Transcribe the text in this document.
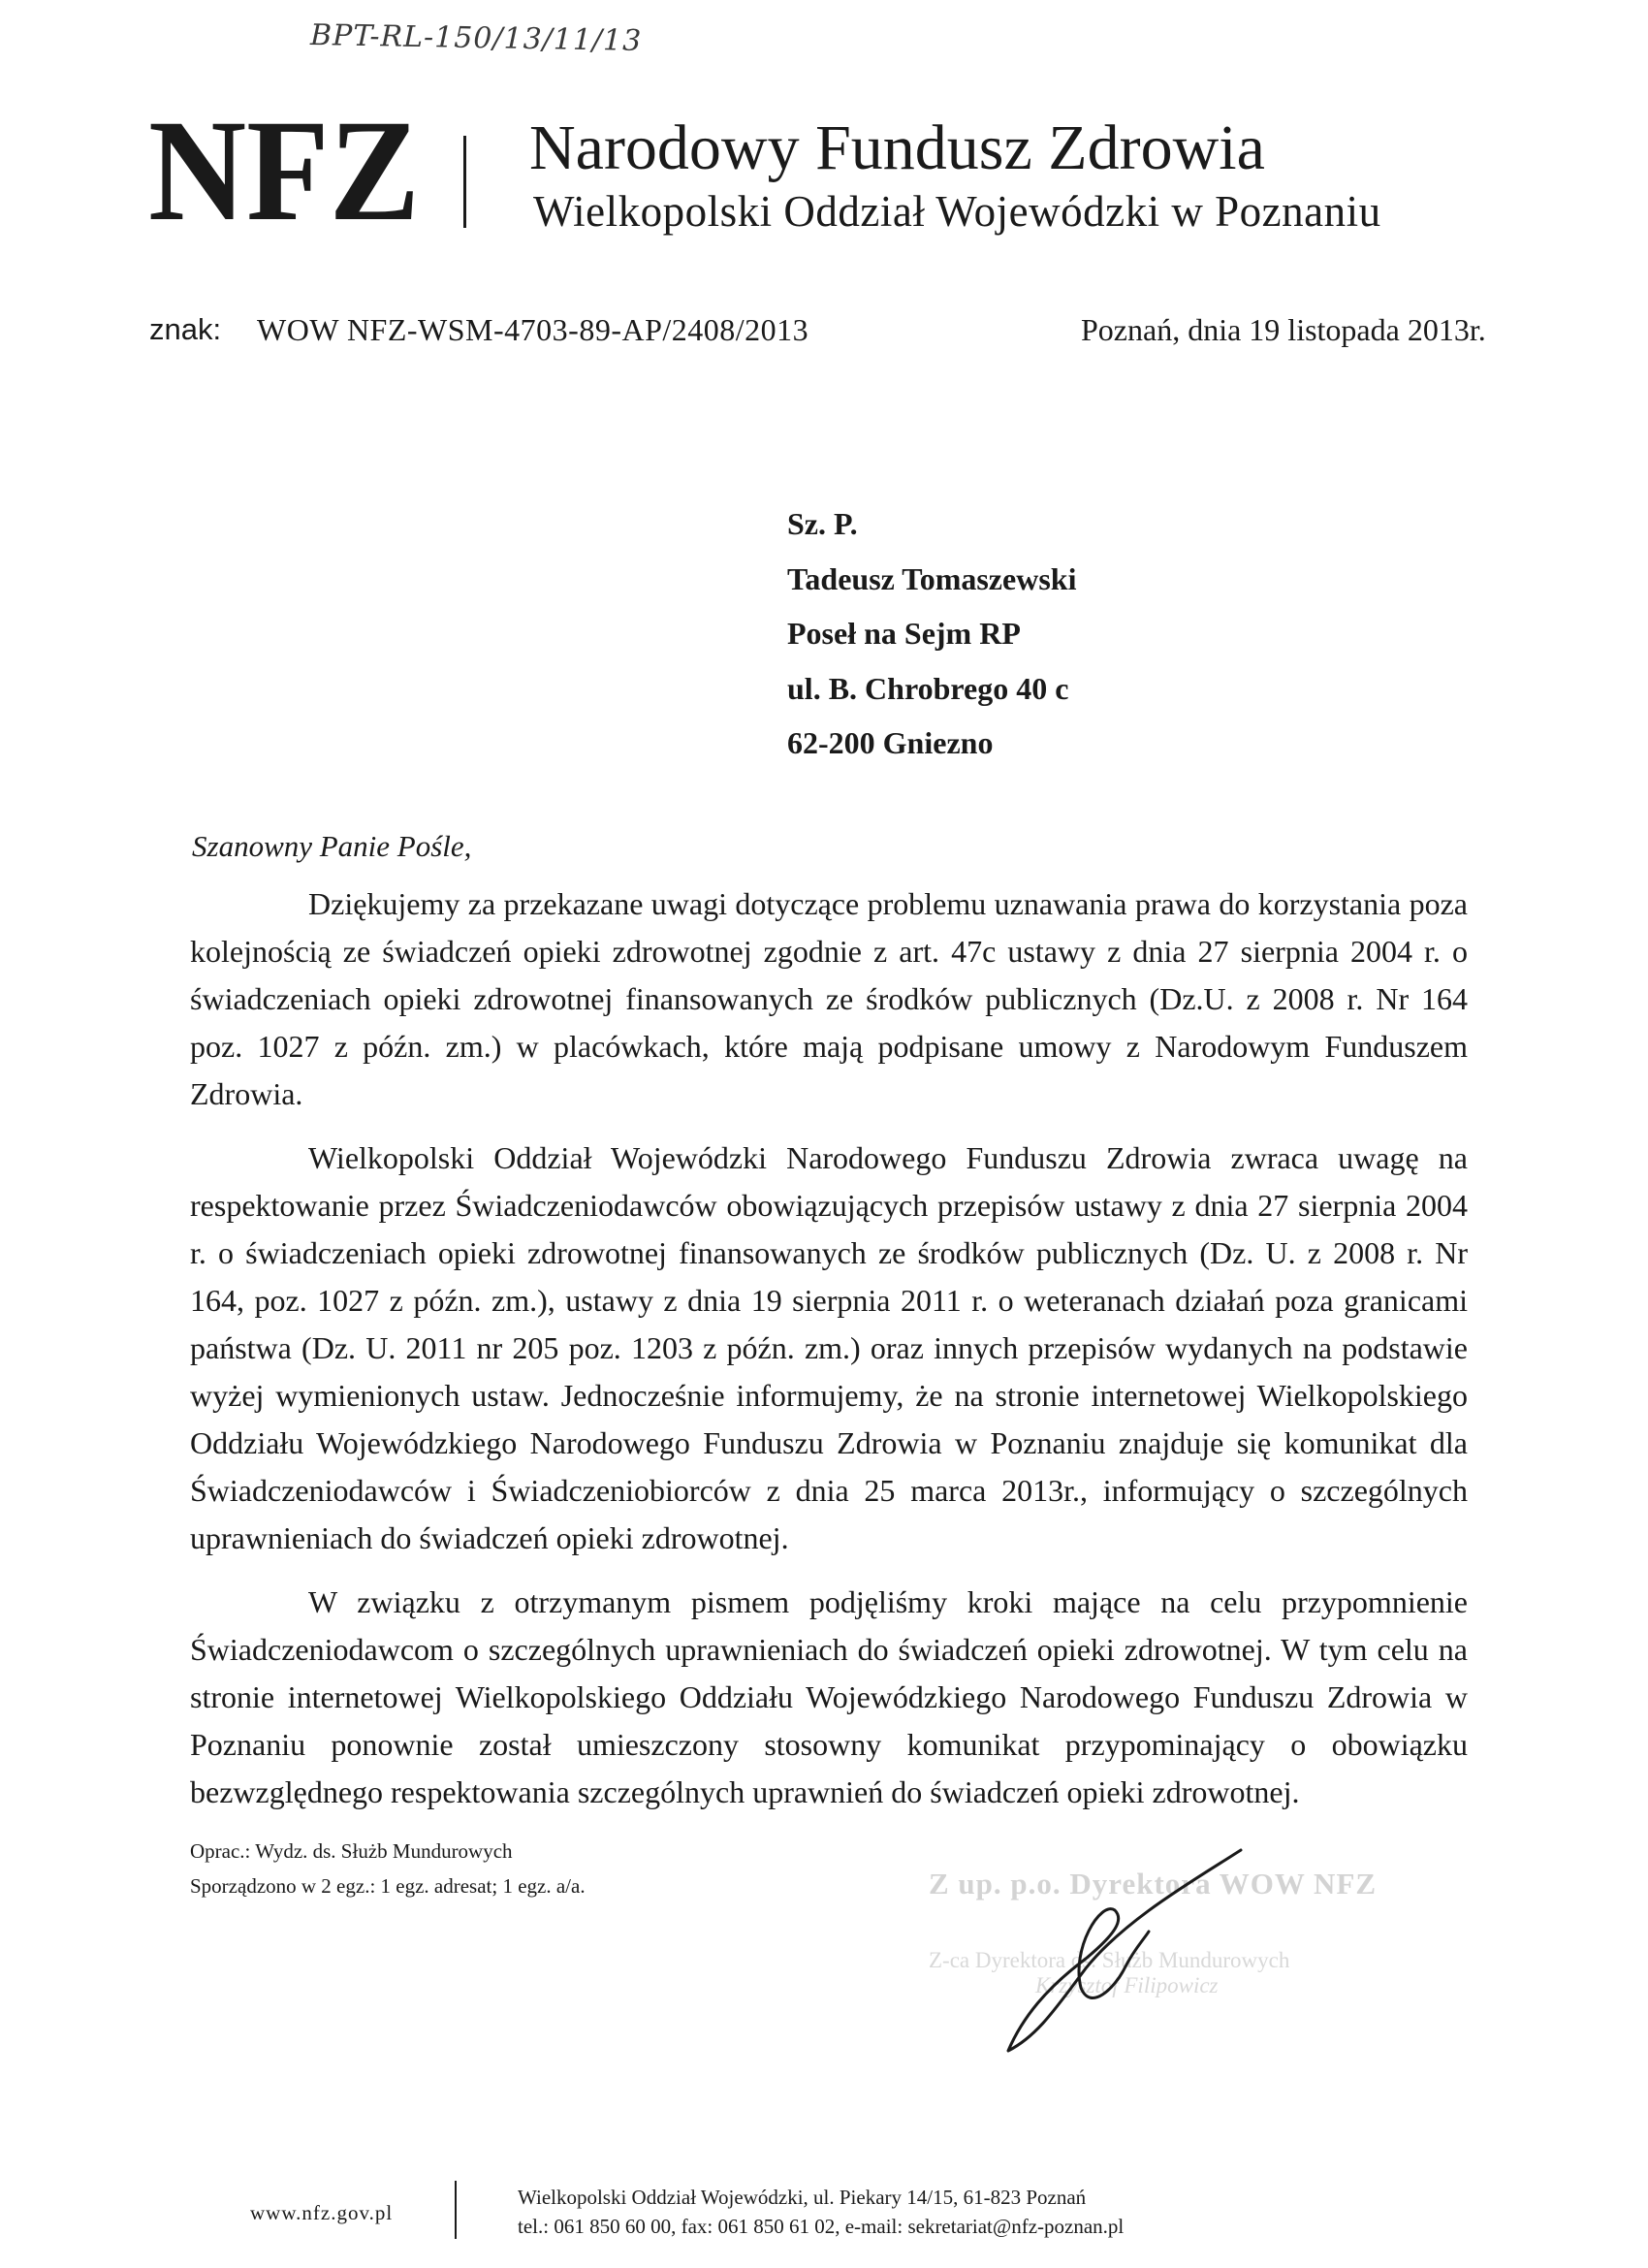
BPT-RL-150/13/11/13
NFZ Narodowy Fundusz Zdrowia
Wielkopolski Oddział Wojewódzki w Poznaniu
znak: WOW NFZ-WSM-4703-89-AP/2408/2013	Poznań, dnia 19 listopada 2013r.
Sz. P.
Tadeusz Tomaszewski
Poseł na Sejm RP
ul. B. Chrobrego 40 c
62-200 Gniezno
Szanowny Panie Pośle,

Dziękujemy za przekazane uwagi dotyczące problemu uznawania prawa do korzystania poza kolejnością ze świadczeń opieki zdrowotnej zgodnie z art. 47c ustawy z dnia 27 sierpnia 2004 r. o świadczeniach opieki zdrowotnej finansowanych ze środków publicznych (Dz.U. z 2008 r. Nr 164 poz. 1027 z późn. zm.) w placówkach, które mają podpisane umowy z Narodowym Funduszem Zdrowia.

Wielkopolski Oddział Wojewódzki Narodowego Funduszu Zdrowia zwraca uwagę na respektowanie przez Świadczeniodawców obowiązujących przepisów ustawy z dnia 27 sierpnia 2004 r. o świadczeniach opieki zdrowotnej finansowanych ze środków publicznych (Dz. U. z 2008 r. Nr 164, poz. 1027 z późn. zm.), ustawy z dnia 19 sierpnia 2011 r. o weteranach działań poza granicami państwa (Dz. U. 2011 nr 205 poz. 1203 z późn. zm.) oraz innych przepisów wydanych na podstawie wyżej wymienionych ustaw. Jednocześnie informujemy, że na stronie internetowej Wielkopolskiego Oddziału Wojewódzkiego Narodowego Funduszu Zdrowia w Poznaniu znajduje się komunikat dla Świadczeniodawców i Świadczeniobiorców z dnia 25 marca 2013r., informujący o szczególnych uprawnieniach do świadczeń opieki zdrowotnej.

W związku z otrzymanym pismem podjęliśmy kroki mające na celu przypomnienie Świadczeniodawcom o szczególnych uprawnieniach do świadczeń opieki zdrowotnej. W tym celu na stronie internetowej Wielkopolskiego Oddziału Wojewódzkiego Narodowego Funduszu Zdrowia w Poznaniu ponownie został umieszczony stosowny komunikat przypominający o obowiązku bezwzględnego respektowania szczególnych uprawnień do świadczeń opieki zdrowotnej.

Oprac.: Wydz. ds. Służb Mundurowych
Sporządzono w 2 egz.: 1 egz. adresat; 1 egz. a/a.	Z up. p.o. Dyrektora WOW NFZ
Z-ca Dyrektora ds. Służb Mundurowych
Krzysztof Filipowicz
www.nfz.gov.pl
Wielkopolski Oddział Wojewódzki, ul. Piekary 14/15, 61-823 Poznań
tel.: 061 850 60 00, fax: 061 850 61 02, e-mail: sekretariat@nfz-poznan.pl
